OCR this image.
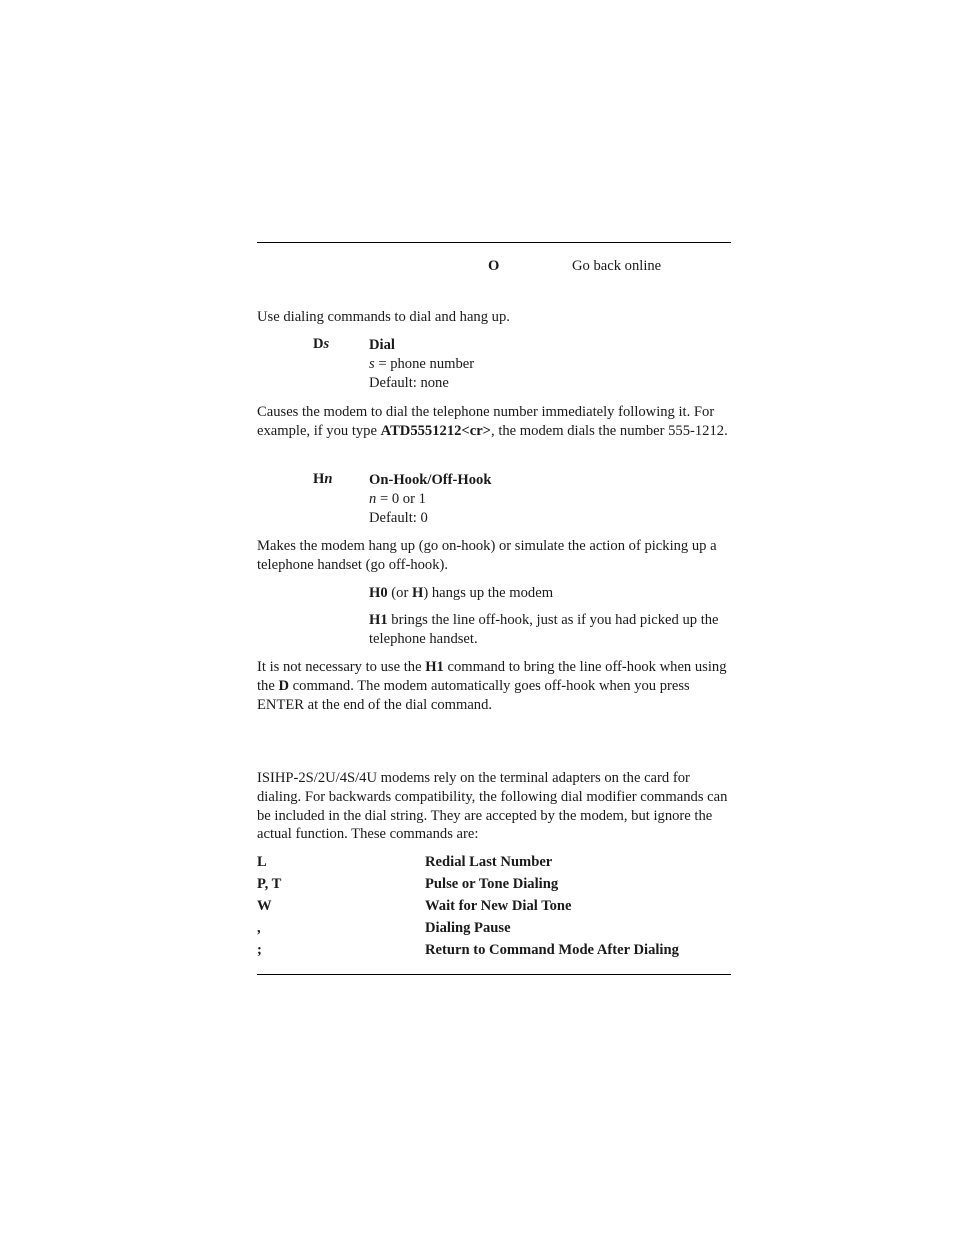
O	Go back online
Use dialing commands to dial and hang up.
Ds	Dial
s = phone number
Default: none
Causes the modem to dial the telephone number immediately following it. For example, if you type ATD5551212<cr>, the modem dials the number 555-1212.
Hn	On-Hook/Off-Hook
n = 0 or 1
Default: 0
Makes the modem hang up (go on-hook) or simulate the action of picking up a telephone handset (go off-hook).
H0 (or H) hangs up the modem
H1 brings the line off-hook, just as if you had picked up the telephone handset.
It is not necessary to use the H1 command to bring the line off-hook when using the D command. The modem automatically goes off-hook when you press ENTER at the end of the dial command.
ISIHP-2S/2U/4S/4U modems rely on the terminal adapters on the card for dialing. For backwards compatibility, the following dial modifier commands can be included in the dial string. They are accepted by the modem, but ignore the actual function. These commands are:
L	Redial Last Number
P, T	Pulse or Tone Dialing
W	Wait for New Dial Tone
,	Dialing Pause
;	Return to Command Mode After Dialing
